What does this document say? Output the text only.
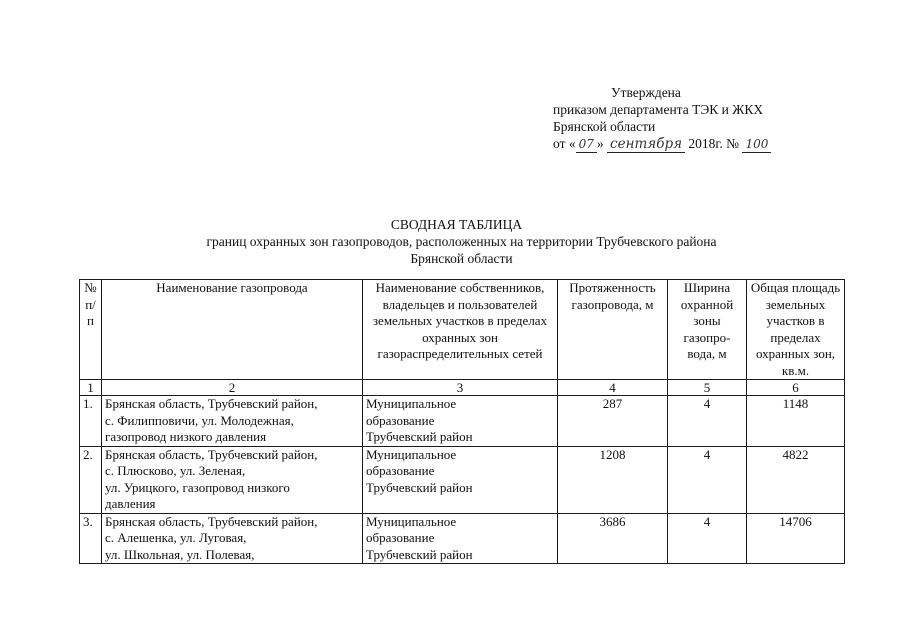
Утверждена
приказом департамента ТЭК и ЖКХ
Брянской области
от « 07 » сентября 2018г. № 100
СВОДНАЯ ТАБЛИЦА
границ охранных зон газопроводов, расположенных на территории Трубчевского района
Брянской области
№
п/п	Наименование газопровода	Наименование собственников, владельцев и пользователей земельных участков в пределах охранных зон газораспределительных сетей	Протяженность газопровода, м	Ширина охранной зоны газопро-вода, м	Общая площадь земельных участков в пределах охранных зон, кв.м.
1	2	3	4	5	6
1.	Брянская область, Трубчевский район,
с. Филипповичи, ул. Молодежная,
газопровод низкого давления	Муниципальное
образование
Трубчевский район	287	4	1148
2.	Брянская область, Трубчевский район,
с. Плюсково, ул. Зеленая,
ул. Урицкого, газопровод низкого
давления	Муниципальное
образование
Трубчевский район	1208	4	4822
3.	Брянская область, Трубчевский район,
с. Алешенка, ул. Луговая,
ул. Школьная, ул. Полевая,	Муниципальное
образование
Трубчевский район	3686	4	14706
